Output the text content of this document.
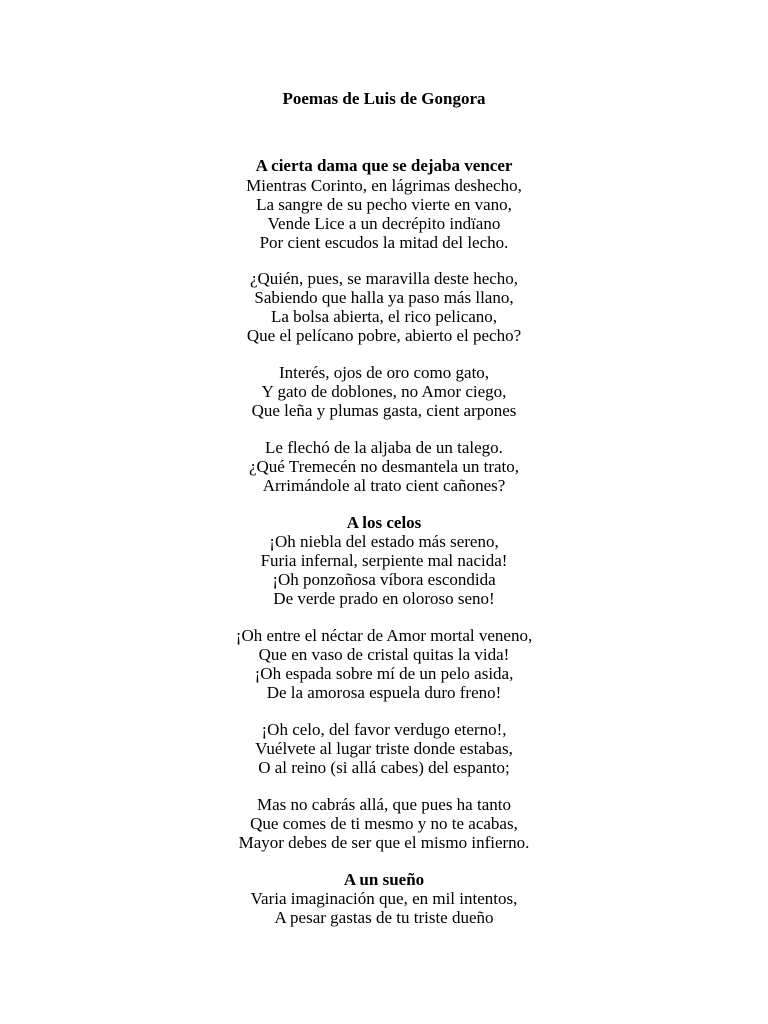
Poemas de Luis de Gongora
A cierta dama que se dejaba vencer
Mientras Corinto, en lágrimas deshecho,
La sangre de su pecho vierte en vano,
Vende Lice a un decrépito indïano
Por cient escudos la mitad del lecho.
¿Quién, pues, se maravilla deste hecho,
Sabiendo que halla ya paso más llano,
La bolsa abierta, el rico pelicano,
Que el pelícano pobre, abierto el pecho?
Interés, ojos de oro como gato,
Y gato de doblones, no Amor ciego,
Que leña y plumas gasta, cient arpones
Le flechó de la aljaba de un talego.
¿Qué Tremecén no desmantela un trato,
Arrimándole al trato cient cañones?
A los celos
¡Oh niebla del estado más sereno,
Furia infernal, serpiente mal nacida!
¡Oh ponzoñosa víbora escondida
De verde prado en oloroso seno!
¡Oh entre el néctar de Amor mortal veneno,
Que en vaso de cristal quitas la vida!
¡Oh espada sobre mí de un pelo asida,
De la amorosa espuela duro freno!
¡Oh celo, del favor verdugo eterno!,
Vuélvete al lugar triste donde estabas,
O al reino (si allá cabes) del espanto;
Mas no cabrás allá, que pues ha tanto
Que comes de ti mesmo y no te acabas,
Mayor debes de ser que el mismo infierno.
A un sueño
Varia imaginación que, en mil intentos,
A pesar gastas de tu triste dueño
